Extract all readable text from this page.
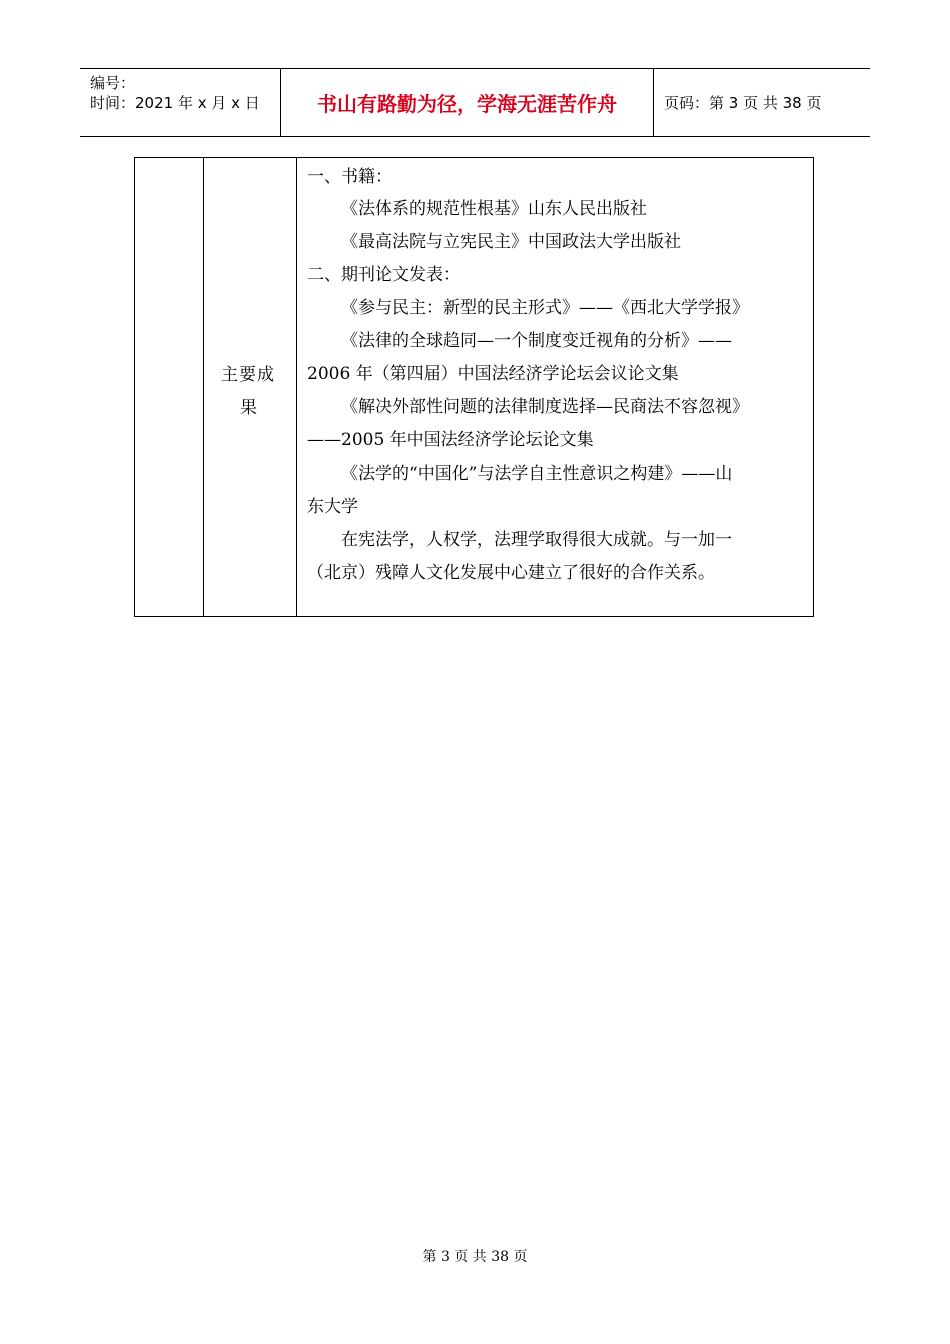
编号：
时间：2021 年 x 月 x 日	书山有路勤为径，学海无涯苦作舟	页码：第 3 页 共 38 页
主要成
果
一、书籍：
《法体系的规范性根基》山东人民出版社
《最高法院与立宪民主》中国政法大学出版社
二、期刊论文发表：
《参与民主：新型的民主形式》——《西北大学学报》
《法律的全球趋同—一个制度变迁视角的分析》——
2006 年（第四届）中国法经济学论坛会议论文集
《解决外部性问题的法律制度选择—民商法不容忽视》
——2005 年中国法经济学论坛论文集
《法学的“中国化”与法学自主性意识之构建》——山
东大学
在宪法学，人权学，法理学取得很大成就。与一加一
（北京）残障人文化发展中心建立了很好的合作关系。
第 3 页 共 38 页
